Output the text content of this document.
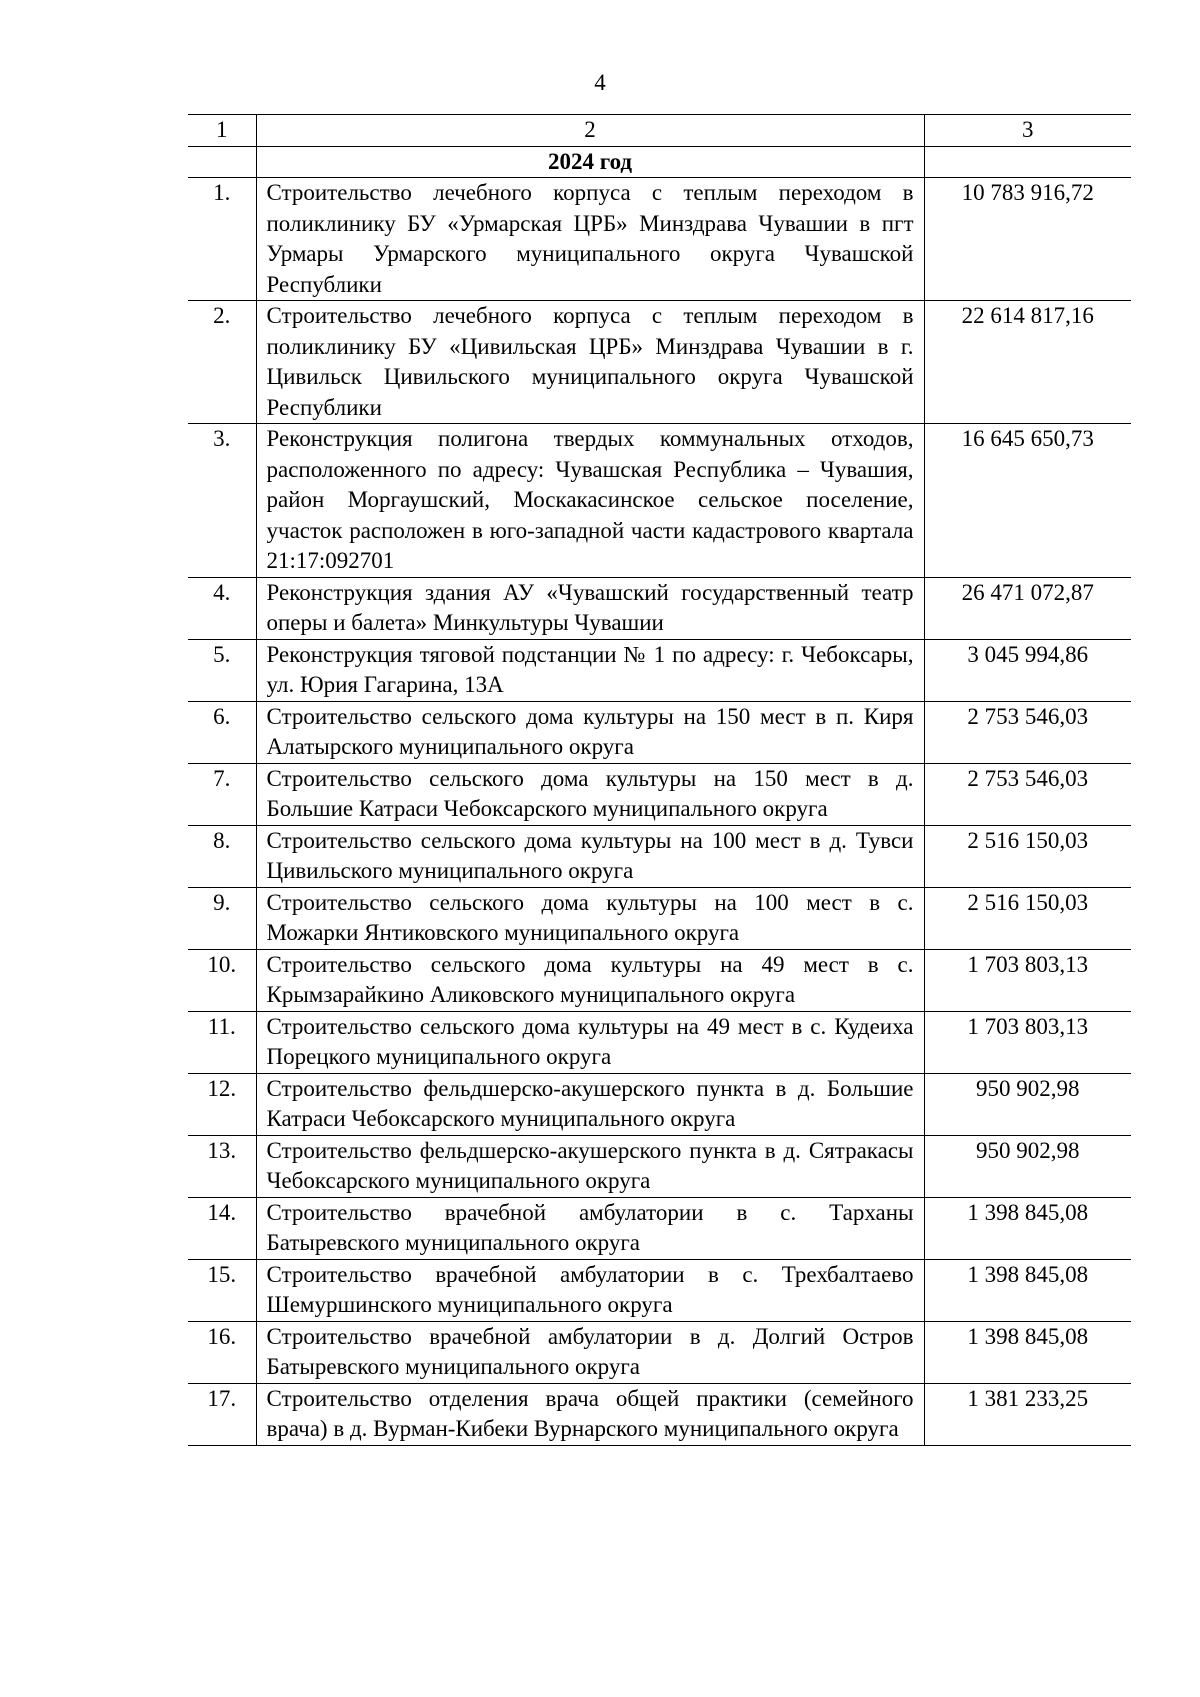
4
1	2	3
	2024 год	
1.	Строительство лечебного корпуса с теплым переходом в поликлинику БУ «Урмарская ЦРБ» Минздрава Чувашии в пгт Урмары Урмарского муниципального округа Чувашской Республики	10 783 916,72
2.	Строительство лечебного корпуса с теплым переходом в поликлинику БУ «Цивильская ЦРБ» Минздрава Чувашии в г. Цивильск Цивильского муниципального округа Чувашской Республики	22 614 817,16
3.	Реконструкция полигона твердых коммунальных отходов, расположенного по адресу: Чувашская Республика – Чувашия, район Моргаушский, Москакасинское сельское поселение, участок расположен в юго-западной части кадастрового квартала 21:17:092701	16 645 650,73
4.	Реконструкция здания АУ «Чувашский государственный театр оперы и балета» Минкультуры Чувашии	26 471 072,87
5.	Реконструкция тяговой подстанции № 1 по адресу: г. Чебоксары, ул. Юрия Гагарина, 13А	3 045 994,86
6.	Строительство сельского дома культуры на 150 мест в п. Киря Алатырского муниципального округа	2 753 546,03
7.	Строительство сельского дома культуры на 150 мест в д. Большие Катраси Чебоксарского муниципального округа	2 753 546,03
8.	Строительство сельского дома культуры на 100 мест в д. Тувси Цивильского муниципального округа	2 516 150,03
9.	Строительство сельского дома культуры на 100 мест в с. Можарки Янтиковского муниципального округа	2 516 150,03
10.	Строительство сельского дома культуры на 49 мест в с. Крымзарайкино Аликовского муниципального округа	1 703 803,13
11.	Строительство сельского дома культуры на 49 мест в с. Кудеиха Порецкого муниципального округа	1 703 803,13
12.	Строительство фельдшерско-акушерского пункта в д. Большие Катраси Чебоксарского муниципального округа	950 902,98
13.	Строительство фельдшерско-акушерского пункта в д. Сятракасы Чебоксарского муниципального округа	950 902,98
14.	Строительство врачебной амбулатории в с. Тарханы Батыревского муниципального округа	1 398 845,08
15.	Строительство врачебной амбулатории в с. Трехбалтаево Шемуршинского муниципального округа	1 398 845,08
16.	Строительство врачебной амбулатории в д. Долгий Остров Батыревского муниципального округа	1 398 845,08
17.	Строительство отделения врача общей практики (семейного врача) в д. Вурман-Кибеки Вурнарского муниципального округа	1 381 233,25
